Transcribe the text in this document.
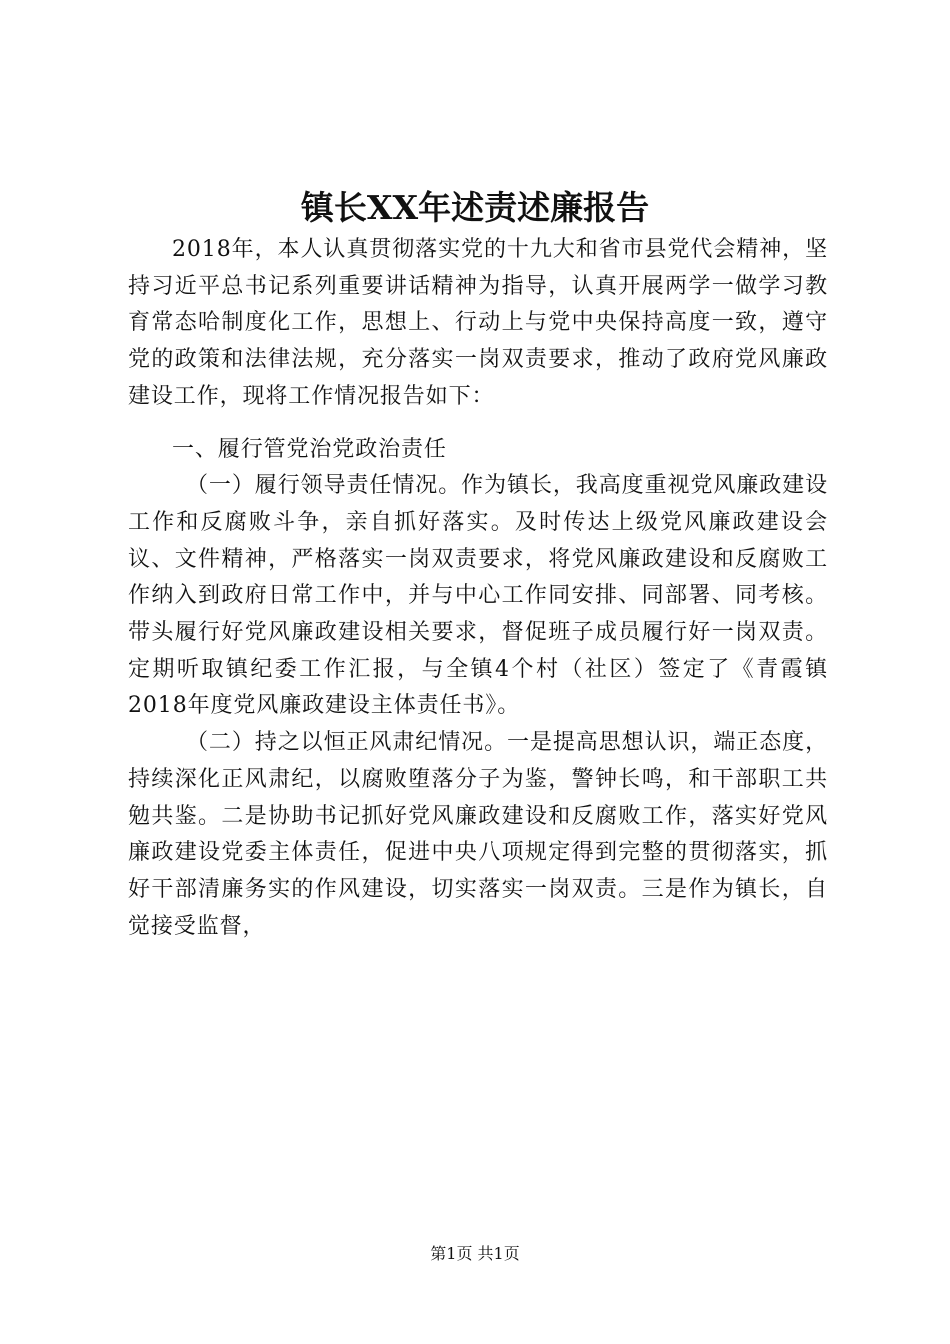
镇长XX年述责述廉报告

2018年，本人认真贯彻落实党的十九大和省市县党代会精神，坚持习近平总书记系列重要讲话精神为指导，认真开展两学一做学习教育常态哈制度化工作，思想上、行动上与党中央保持高度一致，遵守党的政策和法律法规，充分落实一岗双责要求，推动了政府党风廉政建设工作，现将工作情况报告如下：

一、履行管党治党政治责任

（一）履行领导责任情况。作为镇长，我高度重视党风廉政建设工作和反腐败斗争，亲自抓好落实。及时传达上级党风廉政建设会议、文件精神，严格落实一岗双责要求，将党风廉政建设和反腐败工作纳入到政府日常工作中，并与中心工作同安排、同部署、同考核。带头履行好党风廉政建设相关要求，督促班子成员履行好一岗双责。定期听取镇纪委工作汇报，与全镇4个村（社区）签定了《青霞镇2018年度党风廉政建设主体责任书》。

（二）持之以恒正风肃纪情况。一是提高思想认识，端正态度，持续深化正风肃纪，以腐败堕落分子为鉴，警钟长鸣，和干部职工共勉共鉴。二是协助书记抓好党风廉政建设和反腐败工作，落实好党风廉政建设党委主体责任，促进中央八项规定得到完整的贯彻落实，抓好干部清廉务实的作风建设，切实落实一岗双责。三是作为镇长，自觉接受监督，

第1页 共1页
